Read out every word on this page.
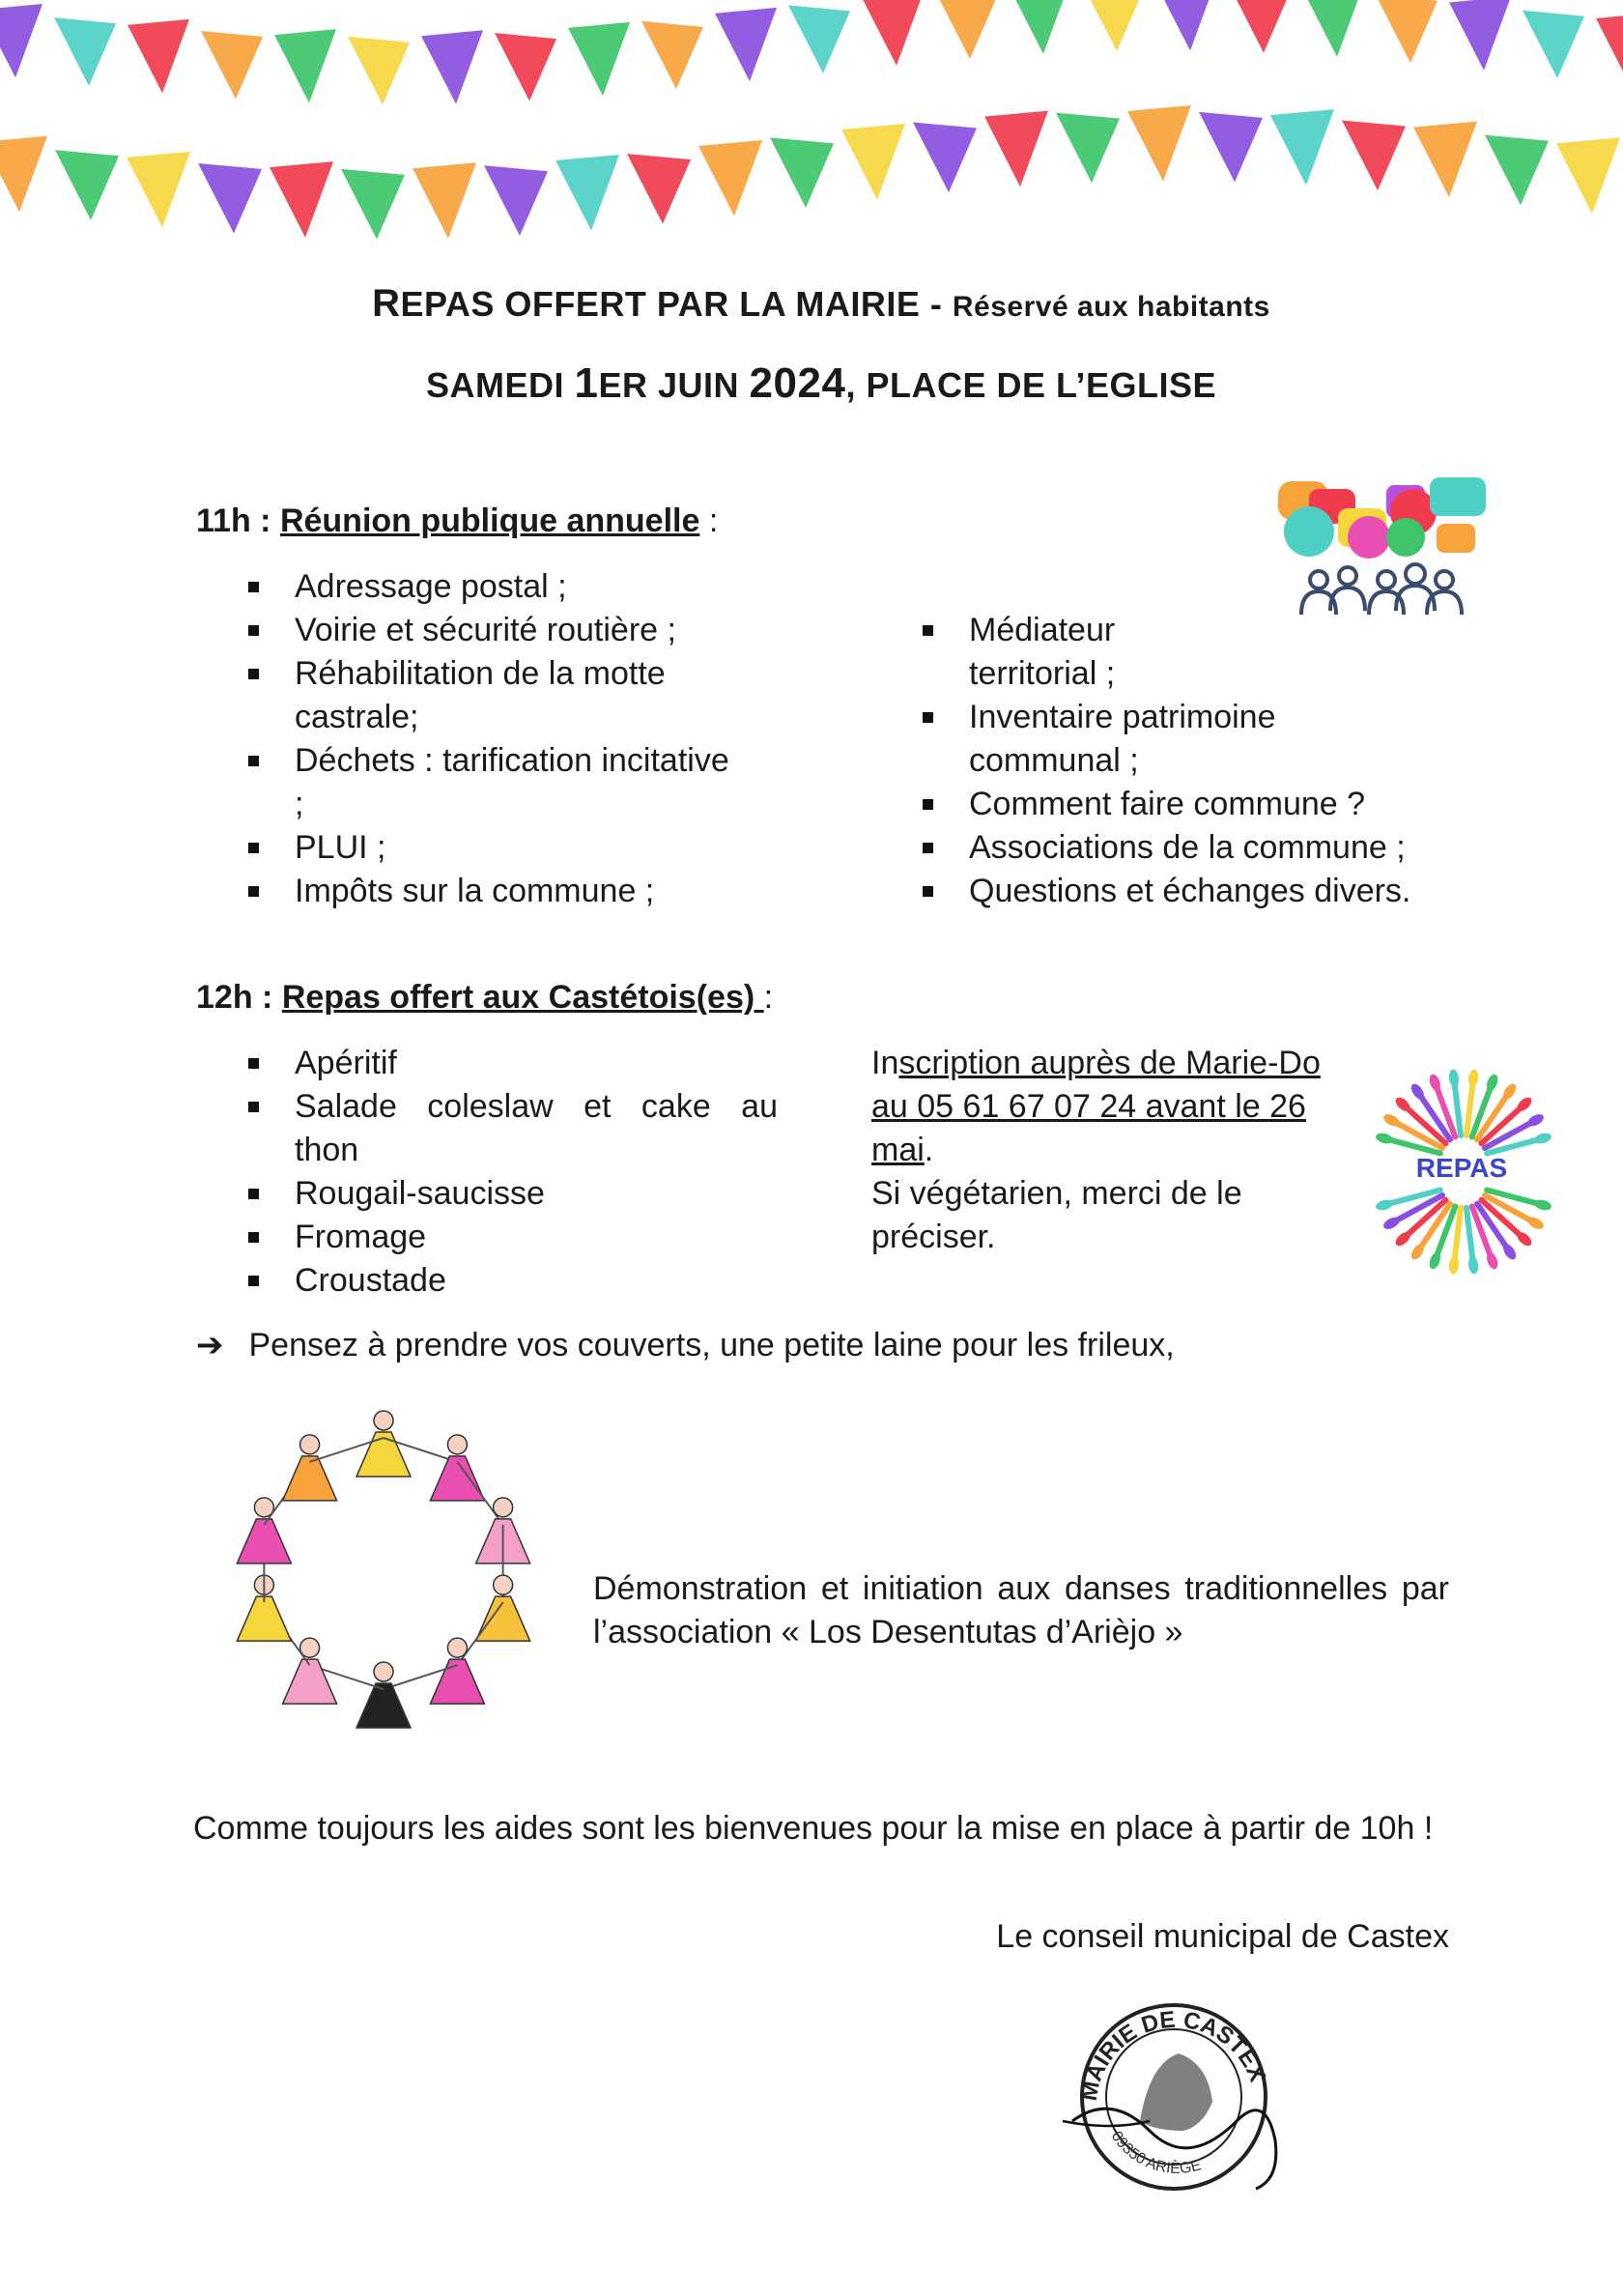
REPAS OFFERT PAR LA MAIRIE - Réservé aux habitants
SAMEDI 1ER JUIN 2024, PLACE DE L’EGLISE
11h : Réunion publique annuelle :
Adressage postal ;
Voirie et sécurité routière ;
Réhabilitation de la motte castrale;
Déchets : tarification incitative ;
PLUI ;
Impôts sur la commune ;
Médiateur territorial ;
Inventaire patrimoine communal ;
Comment faire commune ?
Associations de la commune ;
Questions et échanges divers.
12h : Repas offert aux Castétois(es) :
Apéritif
Salade coleslaw et cake au thon
Rougail-saucisse
Fromage
Croustade
Inscription auprès de Marie-Do au 05 61 67 07 24 avant le 26 mai.
Si végétarien, merci de le préciser.
REPAS
➔ Pensez à prendre vos couverts, une petite laine pour les frileux,
Démonstration et initiation aux danses traditionnelles par l’association « Los Desentutas d’Arièjo »
Comme toujours les aides sont les bienvenues pour la mise en place à partir de 10h !
Le conseil municipal de Castex
MAIRIE DE CASTEX
09350 ARIÈGE
